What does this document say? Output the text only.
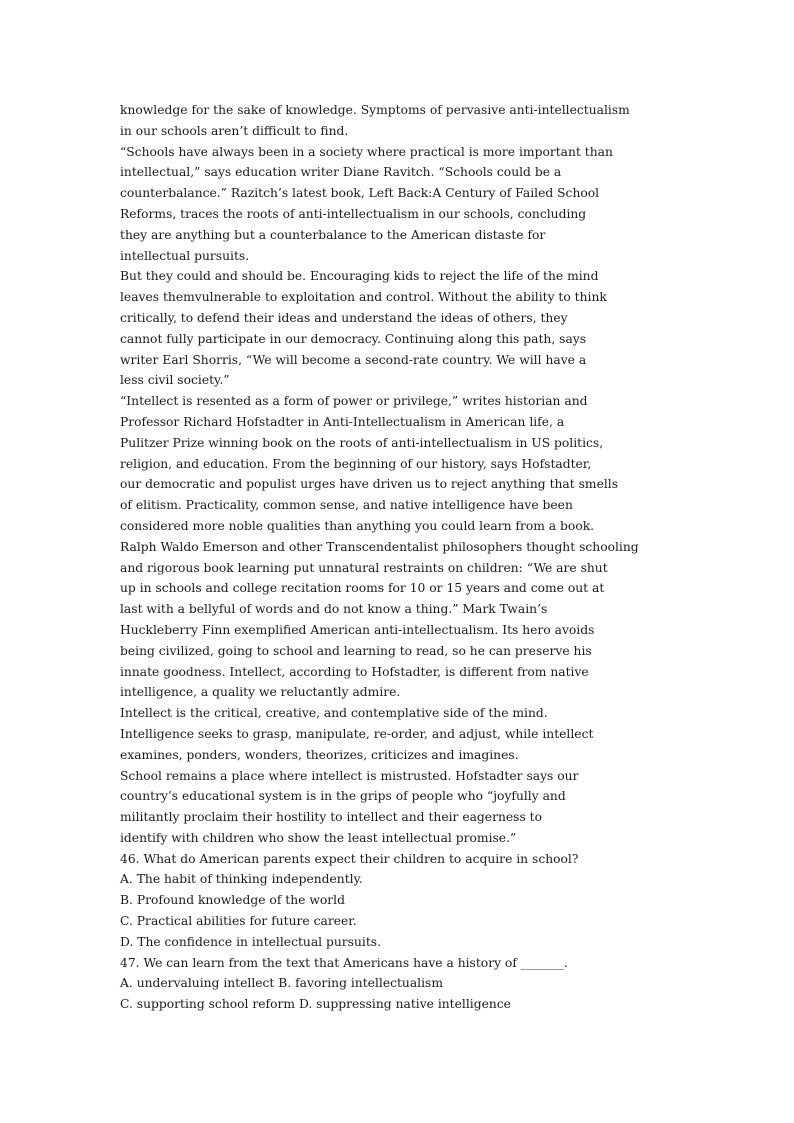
knowledge for the sake of knowledge. Symptoms of pervasive anti-intellectualism
in our schools aren’t difficult to find.
“Schools have always been in a society where practical is more important than
intellectual,” says education writer Diane Ravitch. “Schools could be a
counterbalance.” Razitch’s latest book, Left Back:A Century of Failed School
Reforms, traces the roots of anti-intellectualism in our schools, concluding
they are anything but a counterbalance to the American distaste for
intellectual pursuits.
But they could and should be. Encouraging kids to reject the life of the mind
leaves themvulnerable to exploitation and control. Without the ability to think
critically, to defend their ideas and understand the ideas of others, they
cannot fully participate in our democracy. Continuing along this path, says
writer Earl Shorris, “We will become a second-rate country. We will have a
less civil society.”
“Intellect is resented as a form of power or privilege,” writes historian and
Professor Richard Hofstadter in Anti-Intellectualism in American life, a
Pulitzer Prize winning book on the roots of anti-intellectualism in US politics,
religion, and education. From the beginning of our history, says Hofstadter,
our democratic and populist urges have driven us to reject anything that smells
of elitism. Practicality, common sense, and native intelligence have been
considered more noble qualities than anything you could learn from a book.
Ralph Waldo Emerson and other Transcendentalist philosophers thought schooling
and rigorous book learning put unnatural restraints on children: “We are shut
up in schools and college recitation rooms for 10 or 15 years and come out at
last with a bellyful of words and do not know a thing.” Mark Twain’s
Huckleberry Finn exemplified American anti-intellectualism. Its hero avoids
being civilized, going to school and learning to read, so he can preserve his
innate goodness. Intellect, according to Hofstadter, is different from native
intelligence, a quality we reluctantly admire.
Intellect is the critical, creative, and contemplative side of the mind.
Intelligence seeks to grasp, manipulate, re-order, and adjust, while intellect
examines, ponders, wonders, theorizes, criticizes and imagines.
School remains a place where intellect is mistrusted. Hofstadter says our
country’s educational system is in the grips of people who “joyfully and
militantly proclaim their hostility to intellect and their eagerness to
identify with children who show the least intellectual promise.”
46. What do American parents expect their children to acquire in school?
A. The habit of thinking independently.
B. Profound knowledge of the world
C. Practical abilities for future career.
D. The confidence in intellectual pursuits.
47. We can learn from the text that Americans have a history of _______.
A. undervaluing intellect B. favoring intellectualism
C. supporting school reform D. suppressing native intelligence
